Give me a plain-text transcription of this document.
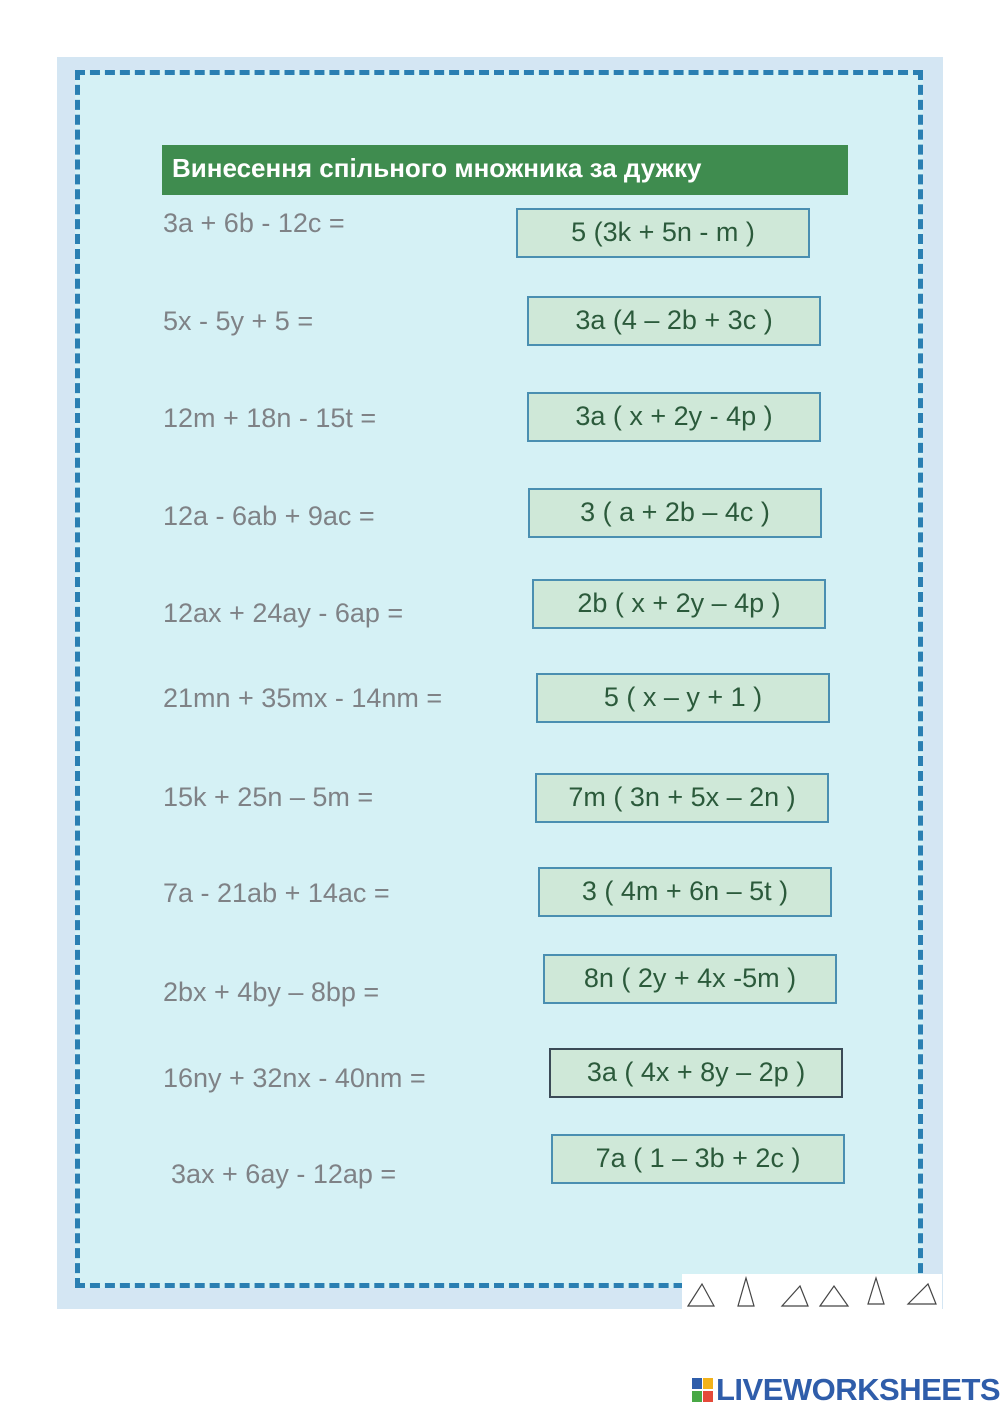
Винесення спільного множника за дужку
3a + 6b - 12c =
5x - 5y + 5 =
12m + 18n - 15t =
12a - 6ab + 9ac =
12ax + 24ay - 6ap =
21mn + 35mx - 14nm =
15k + 25n – 5m =
7a - 21ab + 14ac =
2bx + 4by – 8bp =
16ny + 32nx - 40nm =
3ax + 6ay - 12ap =
5 (3k + 5n - m )
3a (4 – 2b + 3c )
3a ( x + 2y - 4p )
3 ( a + 2b – 4c )
2b ( x + 2y – 4p )
5 ( x – y + 1 )
7m ( 3n + 5x – 2n )
3 ( 4m + 6n – 5t )
8n ( 2y + 4x -5m )
3a ( 4x + 8y – 2p )
7a ( 1 – 3b + 2c )
LIVEWORKSHEETS
